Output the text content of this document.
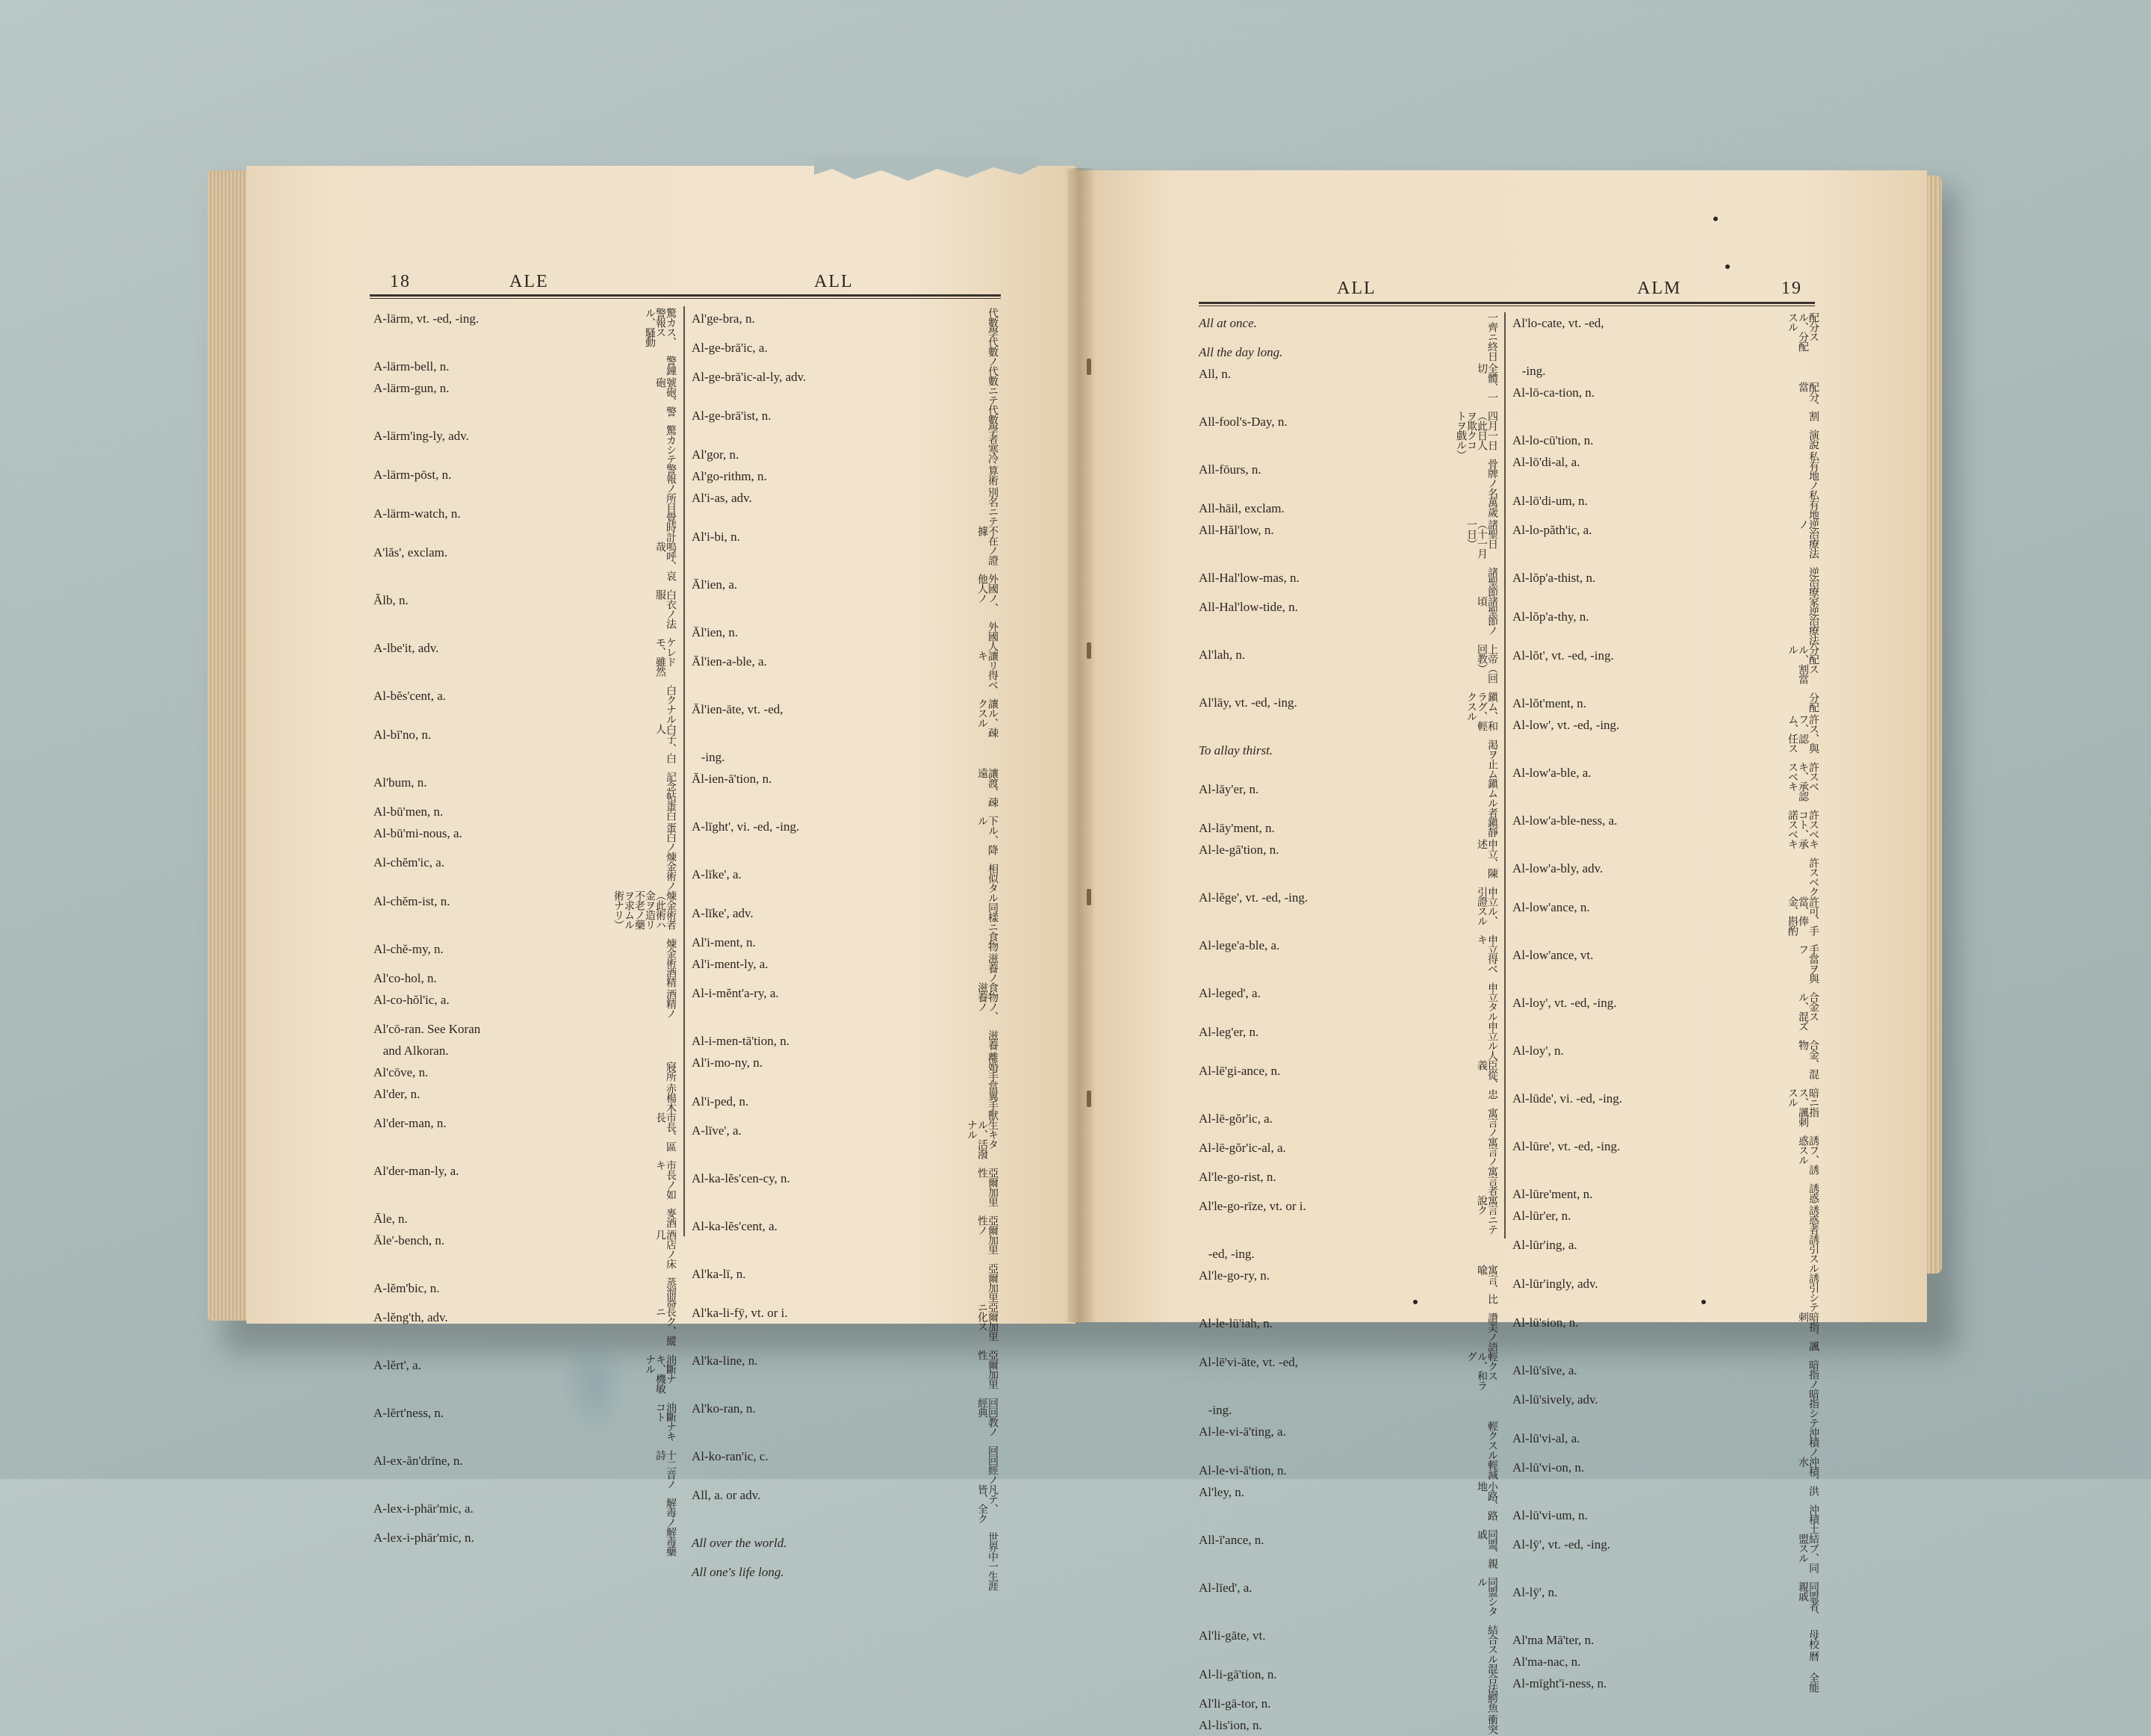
18	ALE	ALL
A-lärm, vt. -ed, -ing.	驚カス、警報スル、騷動
A-lärm-bell, n.	警鐘
A-lärm-gun, n.	號砲、警砲
A-lärm'ing-ly, adv.	驚カシテ
A-lärm-pōst, n.	警報ノ所
A-lärm-watch, n.	目覺時計
A'lăs', exclam.	嗚呼、哀哉
Ălb, n.	白衣ノ法服
A-lbe'it, adv.	ケレドモ、雖然
Al-bĕs'cent, a.	白クナル
Al-bī'no, n.	白子、白人
Al'bum, n.	記念帖
Al-bū'men, n.	蛋白
Al-bū'mi-nous, a.	蛋白ノ
Al-chĕm'ic, a.	煉金術ノ
Al-chĕm-ist, n.	煉金術者（此術ハ金ヲ造リ不老ノ藥ヲ求ムル術ナリ）
Al-chĕ-my, n.	煉金術
Al'co-hol, n.	酒精
Al-co-hŏl'ic, a.	酒精ノ
Al'cō-ran. See Koran
and Alkoran.
Al'cōve, n.	寢所
Al'der, n.	赤楊木
Al'der-man, n.	市長、區長
Al'der-man-ly, a.	市長ノ如キ
Āle, n.	麥酒
Āle'-bench, n.	酒店ノ床几
A-lĕm'bic, n.	蒸溜器
A-lĕng'th, adv.	長ク、縱ニ
A-lĕrt', a.	油斷ナキ、機敏ナル
A-lĕrt'ness, n.	油斷ナキコト
Al-ex-ăn'drīne, n.	十二音ノ詩
A-lex-i-phär'mic, a.	解毒ノ
A-lex-i-phär'mic, n.	解毒藥
Al'ge-bra, n.	代數學
Al-ge-brā'ic, a.	代數ノ
Al-ge-brā'ic-al-ly, adv.	代數ニテ
Al-ge-brā'ist, n.	代數學者
Al'gor, n.	寒冷
Al'go-rithm, n.	算術
Al'i-as, adv.	別名ニテ
Al'i-bi, n.	不在ノ證據
Āl'ien, a.	外國ノ、他人ノ
Āl'ien, n.	外國人
Āl'ien-a-ble, a.	讓リ得ベキ
Āl'ien-āte, vt. -ed,	讓ル、疎クスル
-ing.
Āl-ien-ā'tion, n.	讓渡、疎遠
A-līght', vi. -ed, -ing.	下ル、降ル
A-līke', a.	相似タル
A-līke', adv.	同樣ニ
Al'i-ment, n.	食物
Al'i-ment-ly, a.	滋養ノ
Al-i-mĕnt'a-ry, a.	食物ノ、滋養ノ
Al-i-men-tā'tion, n.	滋養
Al'i-mo-ny, n.	離婚手當
Al'i-ped, n.	翼手獸
A-līve', a.	生キタル、活潑ナル
Al-ka-lĕs'cen-cy, n.	亞爾加里性
Al-ka-lĕs'cent, a.	亞爾加里性ノ
Al'ka-lī, n.	亞爾加里
Al'ka-li-fȳ, vt. or i.	亞爾加里ニ化ス
Al'ka-line, n.	亞爾加里性
Al'ko-ran, n.	回回教ノ經典
Al-ko-ran'ic, c.	回回經ノ
All, a. or adv.	凡テ、皆、全ク
All over the world.	世界中
All one's life long.	一生涯
ALL	ALM	19
All at once.	一齊ニ
All the day long.	終日
All, n.	全體、一切
All-fool's-Day, n.	四月一日（此日人ヲ欺クコトヲ戲ル）
All-fōurs, n.	骨牌ノ名
All-hāil, exclam.	萬歲
All-Hăl'low, n.	諸聖日（十一月一日）
All-Hal'low-mas, n.	諸聖節
All-Hal'low-tide, n.	諸聖節ノ頃
Al'lah, n.	上帝（回回教）
Al'lāy, vt. -ed, -ing.	鎭ム、和ラグ、輕クスル
To allay thirst.	渇ヲ止ム
Al-lāy'er, n.	鎭ムル者
Al-lāy'ment, n.	鎭靜
Al-le-gā'tion, n.	申立、陳述
Al-lĕge', vt. -ed, -ing.	申立ル、引證スル
Al-lege'a-ble, a.	申立得ベキ
Al-leged', a.	申立タル
Al-leg'er, n.	申立ル人
Al-lē'gi-ance, n.	臣從、忠義
Al-lē-gŏr'ic, a.	寓言ノ
Al-lē-gŏr'ic-al, a.	寓言ノ
Al'le-go-rist, n.	寓言者
Al'le-go-rīze, vt. or i.	寓言ニテ說ク
-ed, -ing.
Al'le-go-ry, n.	寓言、比喩
Al-le-lū'iah, n.	讚美ノ語
Al-lē'vi-āte, vt. -ed,	輕クスル、和ラグ
-ing.
Al-le-vi-ā'ting, a.	輕クスル
Al-le-vi-ā'tion, n.	輕減
Al'ley, n.	小路、路地
All-ī'ance, n.	同盟、親戚
Al-līed', a.	同盟シタル
Al'li-gāte, vt.	結合スル
Al-li-gā'tion, n.	混合法
Al'li-gā-tor, n.	鰐魚
Al-lis'ion, n.	衝突
Al'lo-cate, vt. -ed,	配分スル、分配スル
-ing.
Al-lō-ca-tion, n.	配分、割當
Al-lo-cū'tion, n.	演說
Al-lō'di-al, a.	私有地ノ
Al-lō'di-um, n.	私有地
Al-lo-păth'ic, a.	逆治療法ノ
Al-lŏp'a-thist, n.	逆治療家
Al-lŏp'a-thy, n.	逆治療法
Al-lŏt', vt. -ed, -ing.	分配スル、割當ル
Al-lŏt'ment, n.	分配
Al-low', vt. -ed, -ing.	許ス、與フ、認ム、任ス
Al-low'a-ble, a.	許スベキ、承認スベキ
Al-low'a-ble-ness, a.	許スベキコト、承諾スベキ
Al-low'a-bly, adv.	許スベク
Al-low'ance, n.	許可、手當、俸金、斟酌
Al-low'ance, vt.	手當ヲ與フ
Al-loy', vt. -ed, -ing.	合金スル、混ズ
Al-loy', n.	合金、混物
Al-lūde', vi. -ed, -ing.	暗ニ指ス、諷刺スル
Al-lūre', vt. -ed, -ing.	誘フ、誘惑スル
Al-lūre'ment, n.	誘惑
Al-lūr'er, n.	誘惑者
Al-lūr'ing, a.	誘引スル
Al-lūr'ingly, adv.	誘引シテ
Al-lū'sion, n.	暗指、諷刺
Al-lū'sīve, a.	暗指ノ
Al-lū'sively, adv.	暗指シテ
Al-lū'vi-al, a.	沖積ノ
Al-lū'vi-on, n.	沖積、洪水
Al-lū'vi-um, n.	沖積土
Al-lȳ', vt. -ed, -ing.	結ブ、同盟スル
Al-lȳ', n.	同盟者、親戚
Al'ma Mā'ter, n.	母校
Al'ma-nac, n.	暦
Al-mīght'i-ness, n.	全能
